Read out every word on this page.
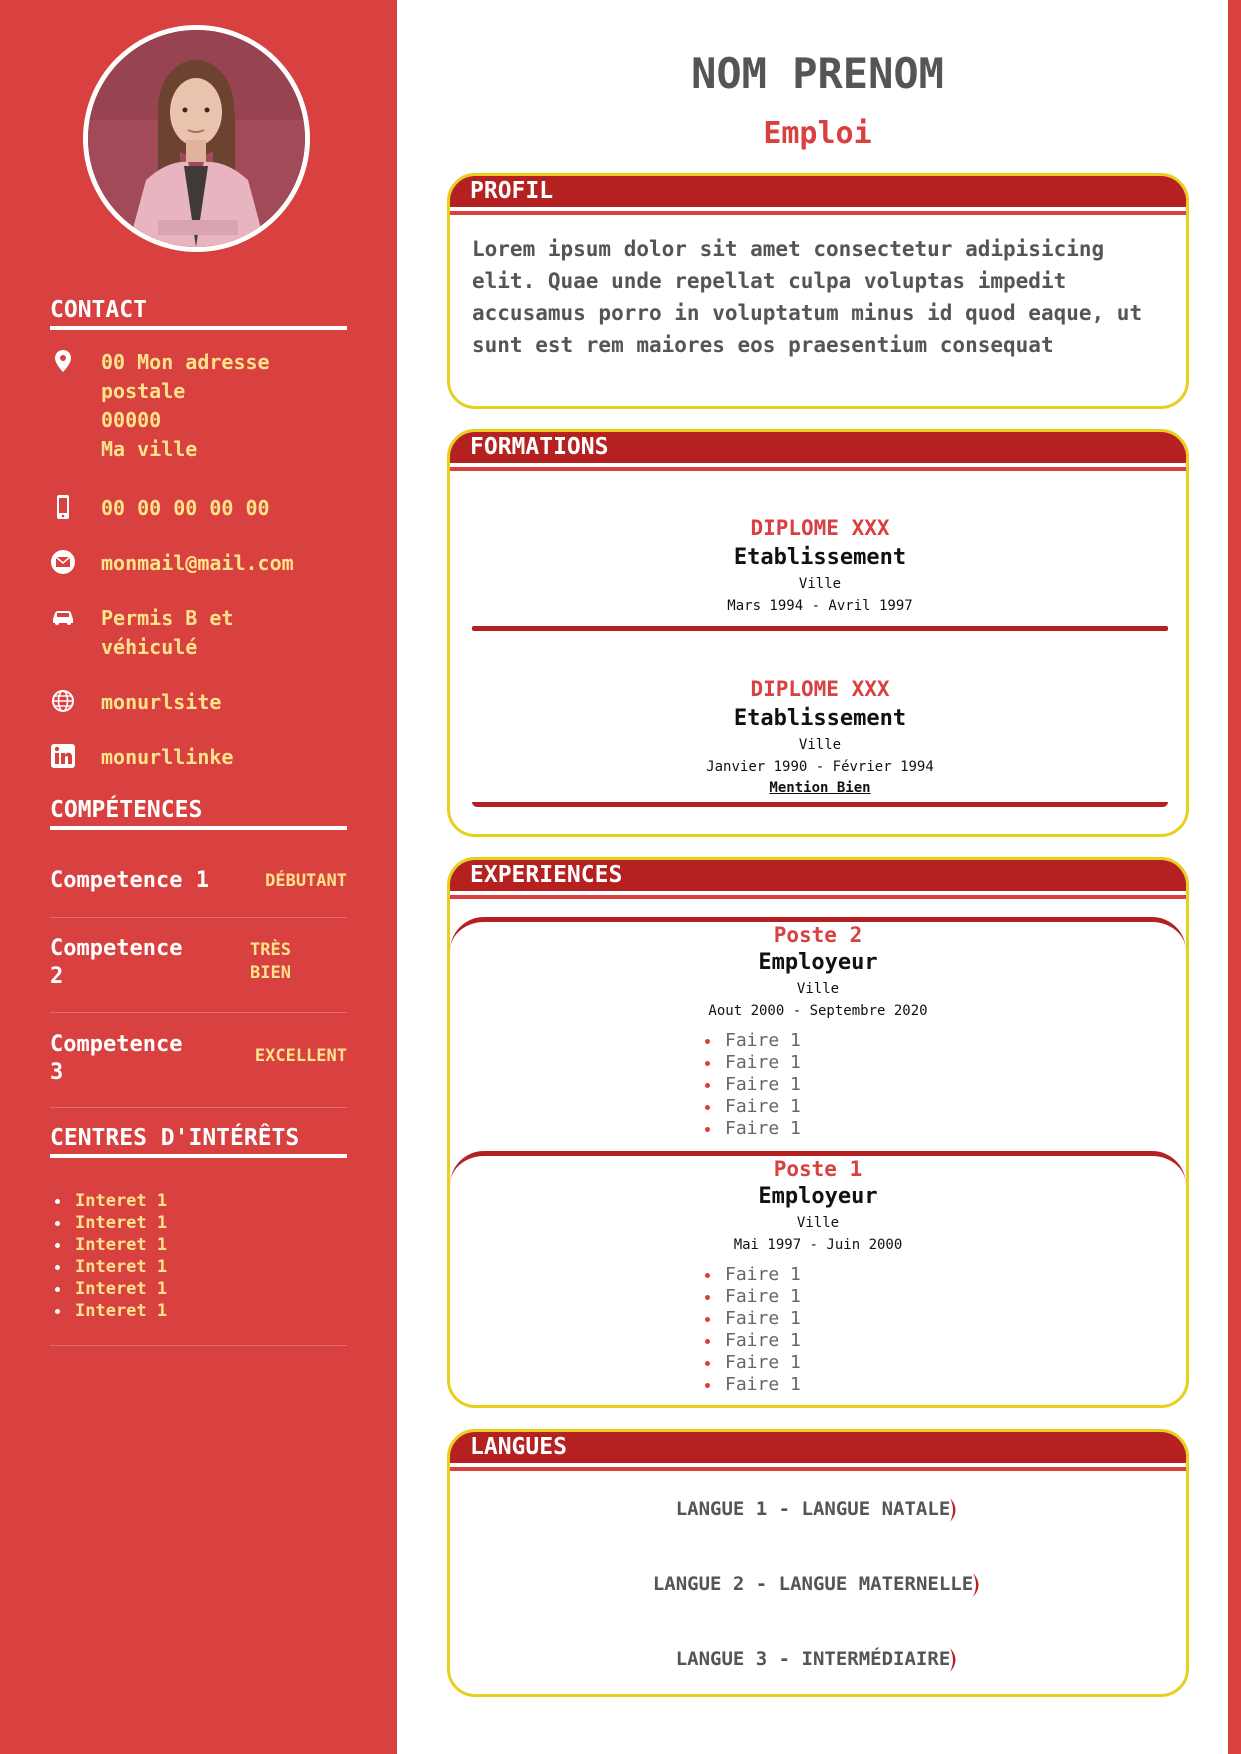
CONTACT
00 Mon adresse
postale
00000
Ma ville
00 00 00 00 00
monmail@mail.com
Permis B et
véhiculé
monurlsite
monurllinke
COMPÉTENCES
Competence 1	DÉBUTANT
Competence
2
TRÈS
BIEN
Competence
3
EXCELLENT
CENTRES D'INTÉRÊTS
Interet 1
Interet 1
Interet 1
Interet 1
Interet 1
Interet 1
NOM PRENOM
Emploi
PROFIL
Lorem ipsum dolor sit amet consectetur adipisicing elit. Quae unde repellat culpa voluptas impedit accusamus porro in voluptatum minus id quod eaque, ut sunt est rem maiores eos praesentium consequat
FORMATIONS
DIPLOME XXX
Etablissement
Ville
Mars 1994 - Avril 1997
DIPLOME XXX
Etablissement
Ville
Janvier 1990 - Février 1994
Mention Bien
EXPERIENCES
Poste 2
Employeur
Ville
Aout 2000 - Septembre 2020
Faire 1
Faire 1
Faire 1
Faire 1
Faire 1
Poste 1
Employeur
Ville
Mai 1997 - Juin 2000
Faire 1
Faire 1
Faire 1
Faire 1
Faire 1
Faire 1
LANGUES
LANGUE 1 - LANGUE NATALE
LANGUE 2 - LANGUE MATERNELLE
LANGUE 3 - INTERMÉDIAIRE
